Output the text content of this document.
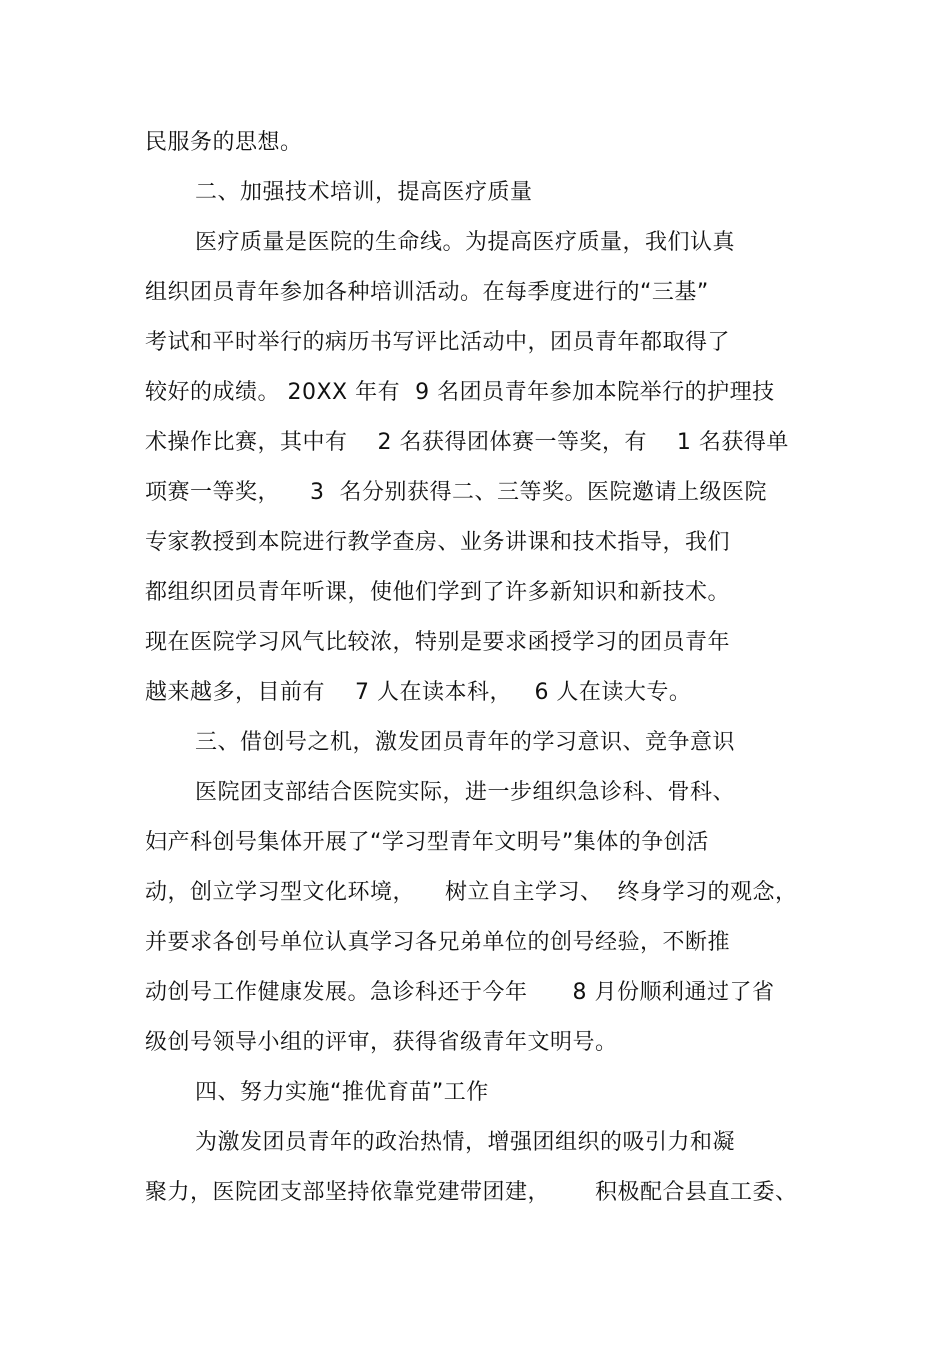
民服务的思想。
二、加强技术培训，提高医疗质量
医疗质量是医院的生命线。为提高医疗质量，我们认真
组织团员青年参加各种培训活动。在每季度进行的“三基”
考试和平时举行的病历书写评比活动中，团员青年都取得了
较好的成绩。 20XX 年有  9 名团员青年参加本院举行的护理技
术操作比赛，其中有    2 名获得团体赛一等奖，有    1 名获得单
项赛一等奖，    3  名分别获得二、三等奖。医院邀请上级医院
专家教授到本院进行教学查房、业务讲课和技术指导，我们
都组织团员青年听课，使他们学到了许多新知识和新技术。
现在医院学习风气比较浓，特别是要求函授学习的团员青年
越来越多，目前有    7 人在读本科，   6 人在读大专。
三、借创号之机，激发团员青年的学习意识、竞争意识
医院团支部结合医院实际，进一步组织急诊科、骨科、
妇产科创号集体开展了“学习型青年文明号”集体的争创活
动，创立学习型文化环境，    树立自主学习、  终身学习的观念，
并要求各创号单位认真学习各兄弟单位的创号经验，不断推
动创号工作健康发展。急诊科还于今年      8 月份顺利通过了省
级创号领导小组的评审，获得省级青年文明号。
四、努力实施“推优育苗”工作
为激发团员青年的政治热情，增强团组织的吸引力和凝
聚力，医院团支部坚持依靠党建带团建，      积极配合县直工委、
